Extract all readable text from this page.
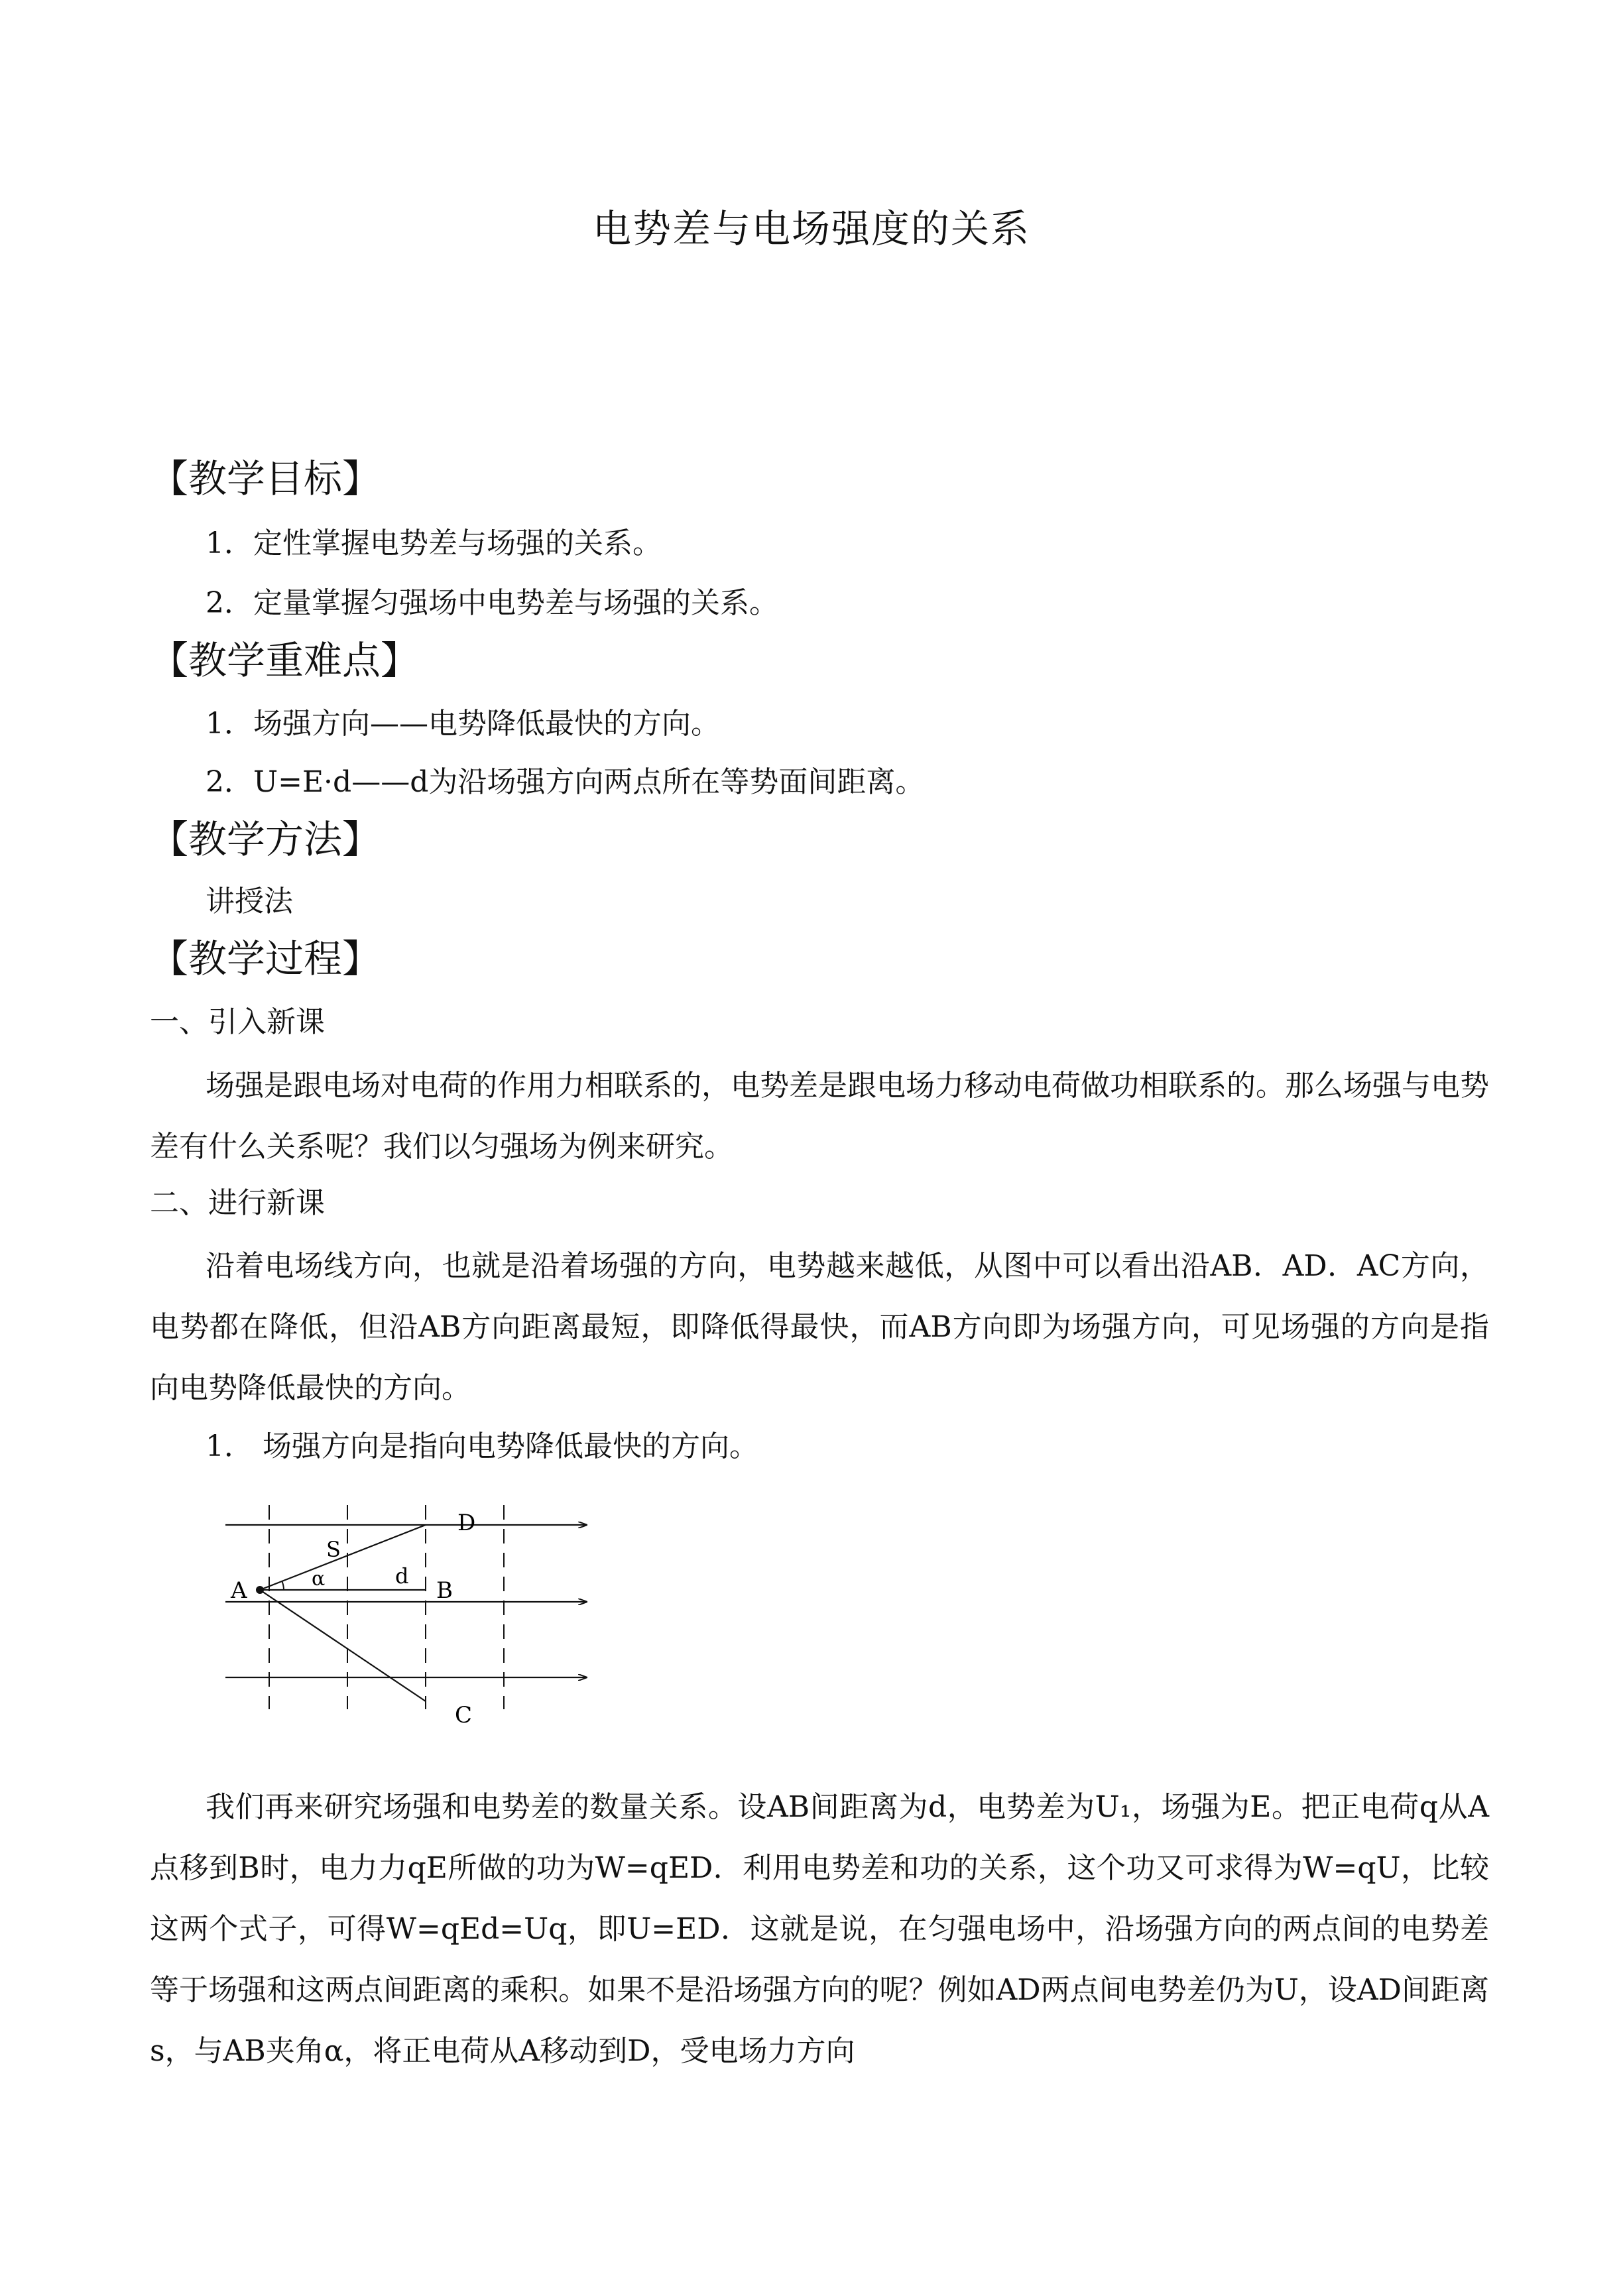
电势差与电场强度的关系
【教学目标】
1．定性掌握电势差与场强的关系。
2．定量掌握匀强场中电势差与场强的关系。
【教学重难点】
1．场强方向——电势降低最快的方向。
2．U=E·d——d为沿场强方向两点所在等势面间距离。
【教学方法】
讲授法
【教学过程】
一、引入新课
场强是跟电场对电荷的作用力相联系的，电势差是跟电场力移动电荷做功相联系的。那么场强与电势差有什么关系呢？我们以匀强场为例来研究。
二、进行新课
沿着电场线方向，也就是沿着场强的方向，电势越来越低，从图中可以看出沿AB．AD．AC方向，电势都在降低，但沿AB方向距离最短，即降低得最快，而AB方向即为场强方向，可见场强的方向是指向电势降低最快的方向。
1． 场强方向是指向电势降低最快的方向。
A	B
D
C
S
d
α
我们再来研究场强和电势差的数量关系。设AB间距离为d，电势差为U₁，场强为E。把正电荷q从A点移到B时，电力力qE所做的功为W=qED．利用电势差和功的关系，这个功又可求得为W=qU，比较这两个式子，可得W=qEd=Uq，即U=ED．这就是说，在匀强电场中，沿场强方向的两点间的电势差等于场强和这两点间距离的乘积。如果不是沿场强方向的呢？例如AD两点间电势差仍为U，设AD间距离s，与AB夹角α，将正电荷从A移动到D，受电场力方向
